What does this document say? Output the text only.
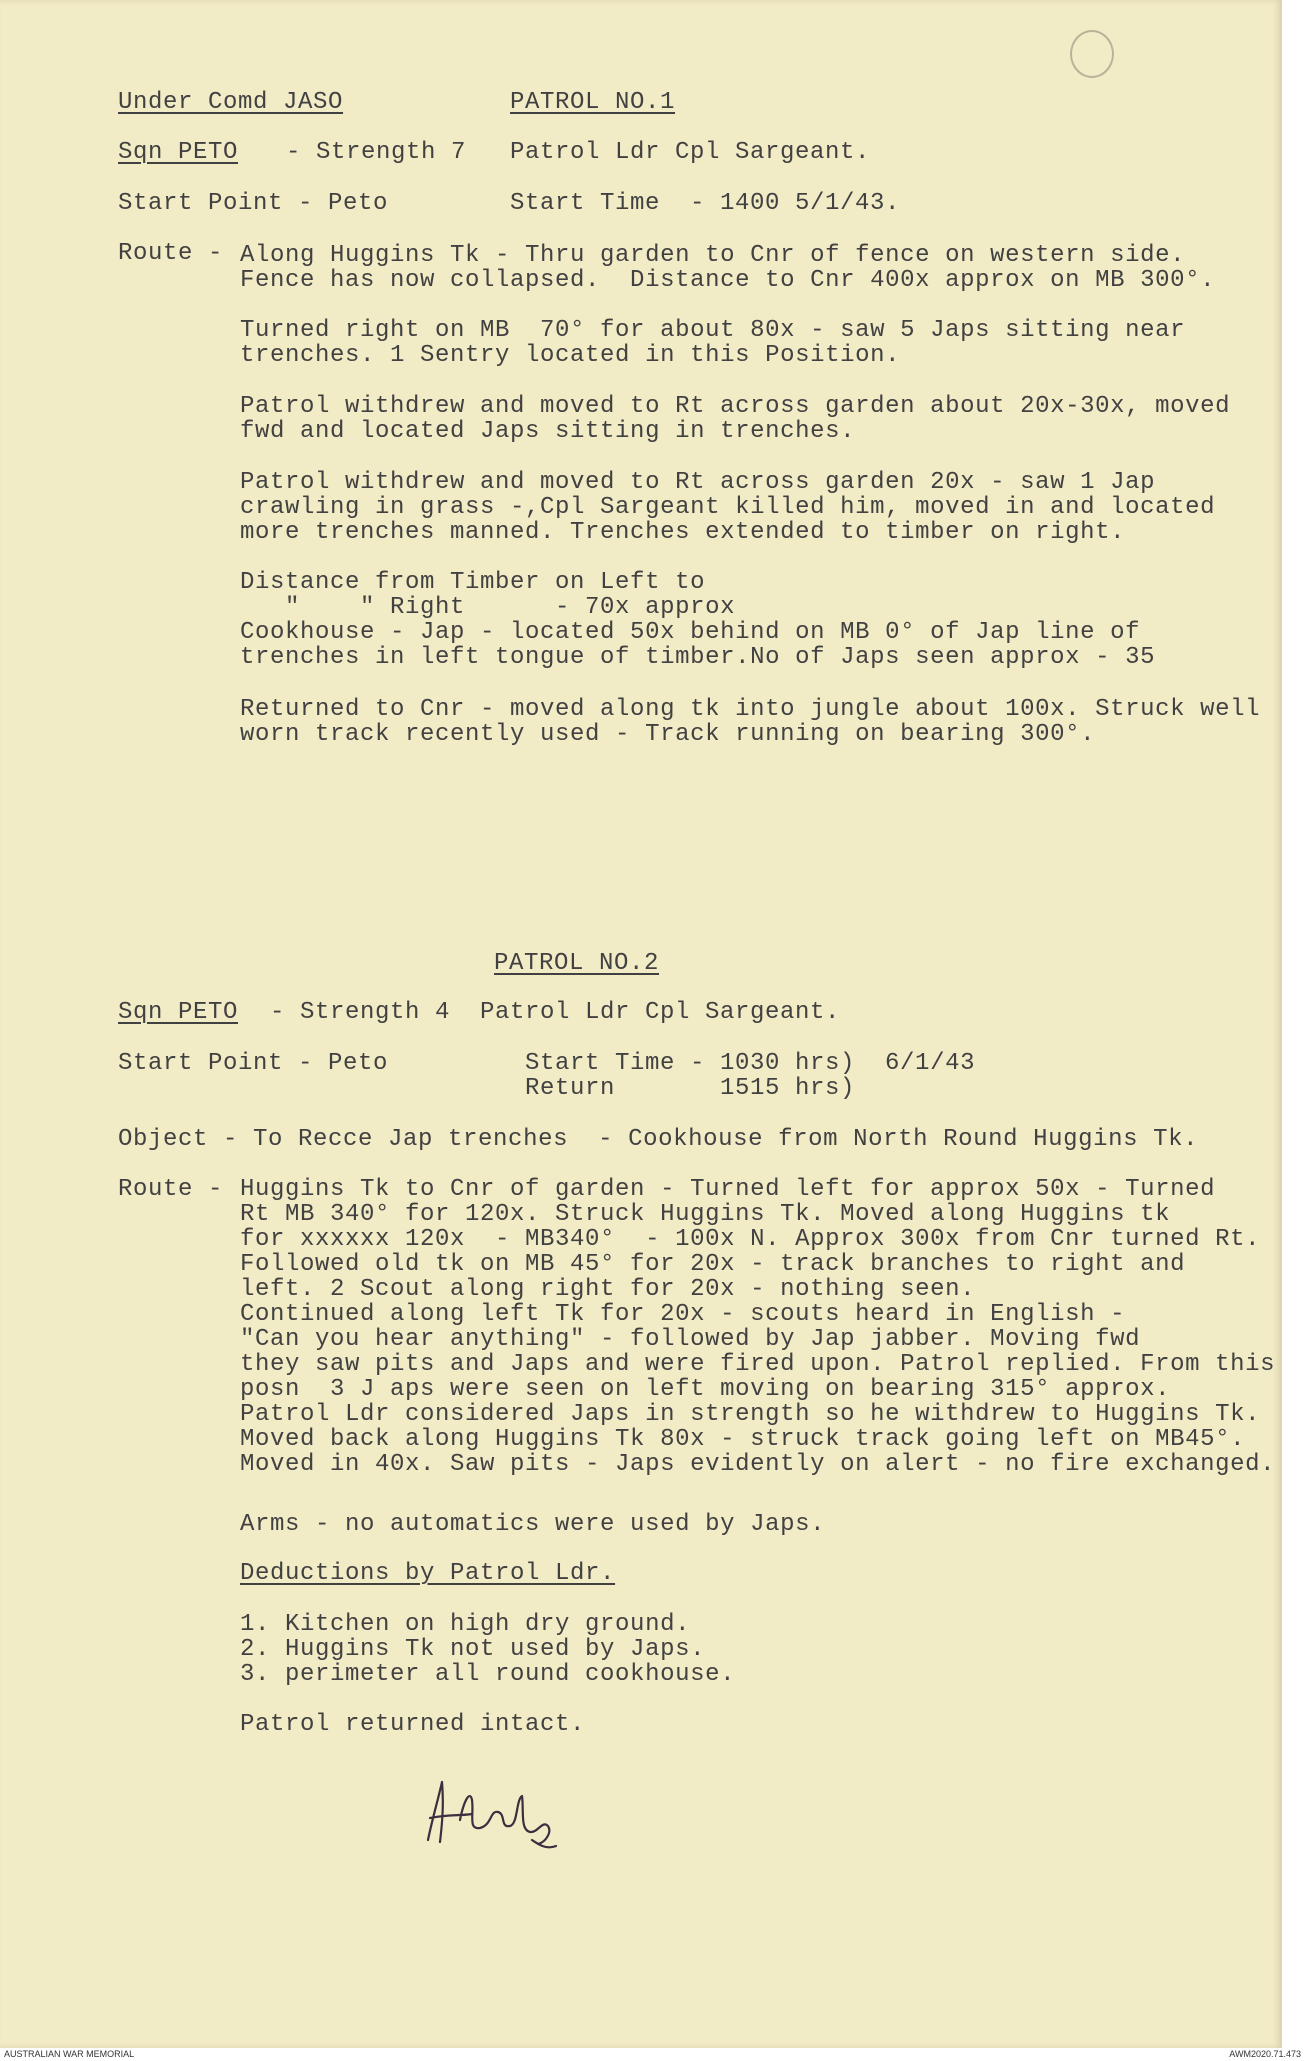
Under Comd JASO	PATROL NO.1
Sqn PETO - Strength 7 Patrol Ldr Cpl Sargeant.
Start Point - Peto	Start Time  - 1400 5/1/43.
Route - Along Huggins Tk - Thru garden to Cnr of fence on western side.
Fence has now collapsed.  Distance to Cnr 400x approx on MB 300°.
Turned right on MB  70° for about 80x - saw 5 Japs sitting near
trenches. 1 Sentry located in this Position.
Patrol withdrew and moved to Rt across garden about 20x-30x, moved
fwd and located Japs sitting in trenches.
Patrol withdrew and moved to Rt across garden 20x - saw 1 Jap
crawling in grass -,Cpl Sargeant killed him, moved in and located
more trenches manned. Trenches extended to timber on right.
Distance from Timber on Left to
"    " Right      - 70x approx
Cookhouse - Jap - located 50x behind on MB 0° of Jap line of
trenches in left tongue of timber.No of Japs seen approx - 35
Returned to Cnr - moved along tk into jungle about 100x. Struck well
worn track recently used - Track running on bearing 300°.
PATROL NO.2
Sqn PETO - Strength 4 Patrol Ldr Cpl Sargeant.
Start Point - Peto	Start Time - 1030 hrs)  6/1/43
Return       1515 hrs)
Object - To Recce Jap trenches  - Cookhouse from North Round Huggins Tk.
Route - Huggins Tk to Cnr of garden - Turned left for approx 50x - Turned
Rt MB 340° for 120x. Struck Huggins Tk. Moved along Huggins tk
for xxxxxx 120x  - MB340°  - 100x N. Approx 300x from Cnr turned Rt.
Followed old tk on MB 45° for 20x - track branches to right and
left. 2 Scout along right for 20x - nothing seen.
Continued along left Tk for 20x - scouts heard in English -
"Can you hear anything" - followed by Jap jabber. Moving fwd
they saw pits and Japs and were fired upon. Patrol replied. From this
posn  3 J aps were seen on left moving on bearing 315° approx.
Patrol Ldr considered Japs in strength so he withdrew to Huggins Tk.
Moved back along Huggins Tk 80x - struck track going left on MB45°.
Moved in 40x. Saw pits - Japs evidently on alert - no fire exchanged.
Arms - no automatics were used by Japs.
Deductions by Patrol Ldr.
1. Kitchen on high dry ground.
2. Huggins Tk not used by Japs.
3. perimeter all round cookhouse.
Patrol returned intact.
AUSTRALIAN WAR MEMORIAL	AWM2020.71.473
